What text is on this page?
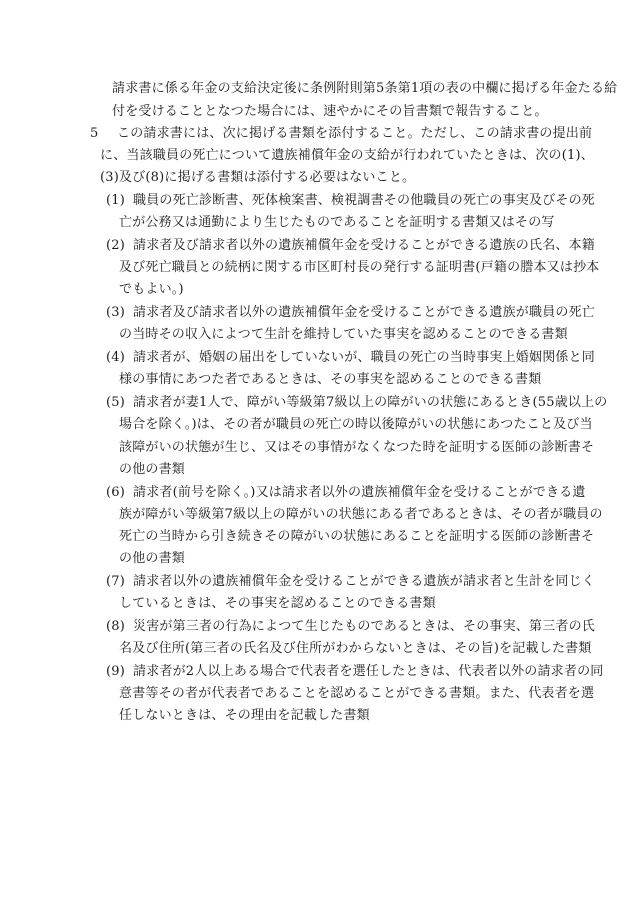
請求書に係る年金の支給決定後に条例附則第5条第1項の表の中欄に掲げる年金たる給
付を受けることとなつた場合には、速やかにその旨書類で報告すること。
5 この請求書には、次に掲げる書類を添付すること。ただし、この請求書の提出前
に、当該職員の死亡について遺族補償年金の支給が行われていたときは、次の(1)、
(3)及び(8)に掲げる書類は添付する必要はないこと。
(1) 職員の死亡診断書、死体検案書、検視調書その他職員の死亡の事実及びその死
亡が公務又は通勤により生じたものであることを証明する書類又はその写
(2) 請求者及び請求者以外の遺族補償年金を受けることができる遺族の氏名、本籍
及び死亡職員との続柄に関する市区町村長の発行する証明書(戸籍の謄本又は抄本
でもよい。)
(3) 請求者及び請求者以外の遺族補償年金を受けることができる遺族が職員の死亡
の当時その収入によつて生計を維持していた事実を認めることのできる書類
(4) 請求者が、婚姻の届出をしていないが、職員の死亡の当時事実上婚姻関係と同
様の事情にあつた者であるときは、その事実を認めることのできる書類
(5) 請求者が妻1人で、障がい等級第7級以上の障がいの状態にあるとき(55歳以上の
場合を除く。)は、その者が職員の死亡の時以後障がいの状態にあつたこと及び当
該障がいの状態が生じ、又はその事情がなくなつた時を証明する医師の診断書そ
の他の書類
(6) 請求者(前号を除く。)又は請求者以外の遺族補償年金を受けることができる遺
族が障がい等級第7級以上の障がいの状態にある者であるときは、その者が職員の
死亡の当時から引き続きその障がいの状態にあることを証明する医師の診断書そ
の他の書類
(7) 請求者以外の遺族補償年金を受けることができる遺族が請求者と生計を同じく
しているときは、その事実を認めることのできる書類
(8) 災害が第三者の行為によつて生じたものであるときは、その事実、第三者の氏
名及び住所(第三者の氏名及び住所がわからないときは、その旨)を記載した書類
(9) 請求者が2人以上ある場合で代表者を選任したときは、代表者以外の請求者の同
意書等その者が代表者であることを認めることができる書類。また、代表者を選
任しないときは、その理由を記載した書類
